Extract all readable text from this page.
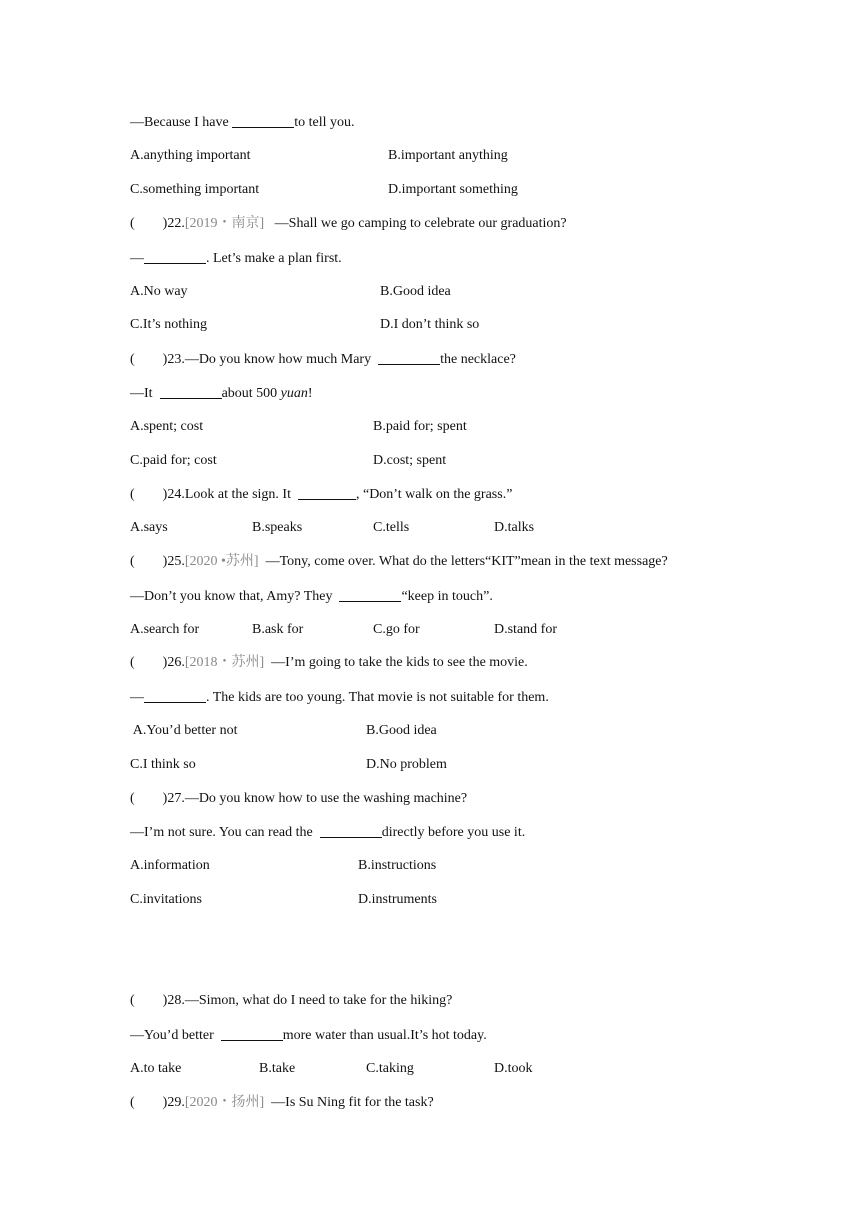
—Because I have	to tell you.
A.anything important	B.important anything
C.something important	D.important something
(        )22.[2019・南京]   —Shall we go camping to celebrate our graduation?
—	. Let’s make a plan first.
A.No way	B.Good idea
C.It’s nothing	D.I don’t think so
(        )23.—Do you know how much Mary	the necklace?
—It	about 500 yuan!
A.spent; cost	B.paid for; spent
C.paid for; cost	D.cost; spent
(        )24.Look at the sign. It	, “Don’t walk on the grass.”
A.says	B.speaks	C.tells	D.talks
(        )25.[2020 •苏州]  —Tony, come over. What do the letters“KIT”mean in the text message?
—Don’t you know that, Amy? They	“keep in touch”.
A.search for	B.ask for	C.go for	D.stand for
(        )26.[2018・苏州]  —I’m going to take the kids to see the movie.
—	. The kids are too young. That movie is not suitable for them.
A.You’d better not	B.Good idea
C.I think so	D.No problem
(        )27.—Do you know how to use the washing machine?
—I’m not sure. You can read the	directly before you use it.
A.information	B.instructions
C.invitations	D.instruments
(        )28.—Simon, what do I need to take for the hiking?
—You’d better	more water than usual.It’s hot today.
A.to take	B.take	C.taking	D.took
(        )29.[2020・扬州]  —Is Su Ning fit for the task?
